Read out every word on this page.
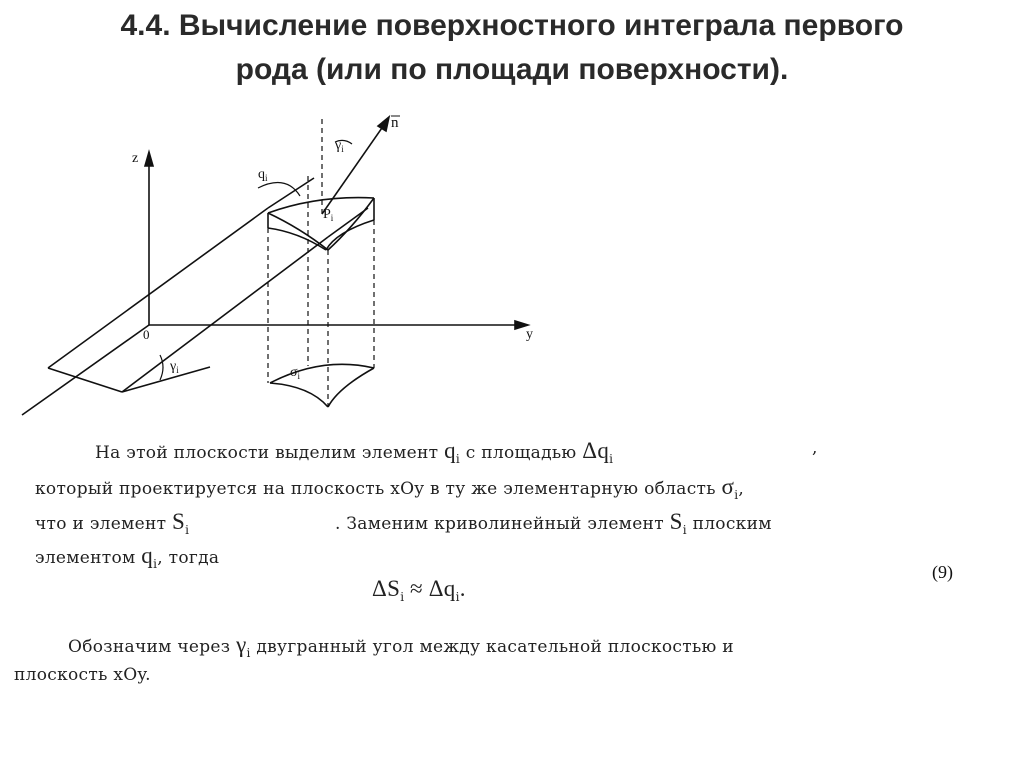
4.4. Вычисление поверхностного интеграла первого
рода (или по площади поверхности).
z
y
0
n
$\gamma_i$
$\gamma_i$
$q_i$
$P_i$
$\sigma_i$
На этой плоскости выделим элемент $q_i$ с площадью $\Delta q_i$
,
который проектируется на плоскость xOy в ту же элементарную область $\sigma_i$,
что и элемент $S_i$	. Заменим криволинейный элемент $S_i$ плоским
элементом $q_i$, тогда
$\Delta S_i \approx \Delta q_i$.
(9)
Обозначим через $\gamma_i$ двугранный угол между касательной плоскостью и
плоскость xOy.
